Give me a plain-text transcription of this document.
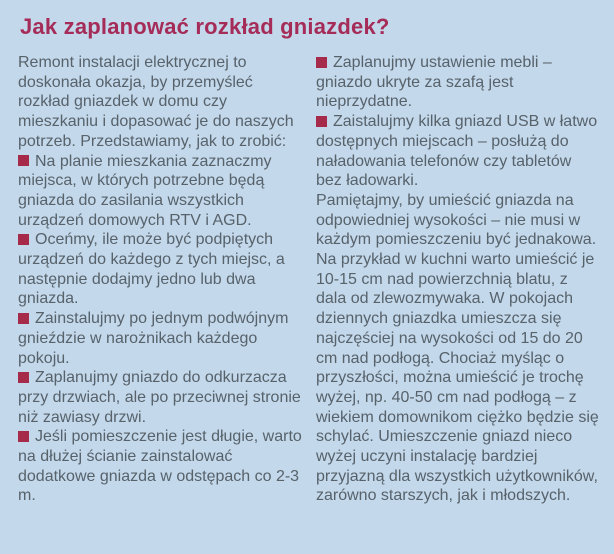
Jak zaplanować rozkład gniazdek?

Remont instalacji elektrycznej to doskonała okazja, by przemyśleć rozkład gniazdek w domu czy mieszkaniu i dopasować je do naszych potrzeb. Przedstawiamy, jak to zrobić:

Na planie mieszkania zaznaczmy miejsca, w których potrzebne będą gniazda do zasilania wszystkich urządzeń domowych RTV i AGD.

Oceńmy, ile może być podpiętych urządzeń do każdego z tych miejsc, a następnie dodajmy jedno lub dwa gniazda.

Zainstalujmy po jednym podwójnym gnieździe w narożnikach każdego pokoju.

Zaplanujmy gniazdo do odkurzacza przy drzwiach, ale po przeciwnej stronie niż zawiasy drzwi.

Jeśli pomieszczenie jest długie, warto na dłużej ścianie zainstalować dodatkowe gniazda w odstępach co 2-3 m.

Zaplanujmy ustawienie mebli – gniazdo ukryte za szafą jest nieprzydatne.

Zaistalujmy kilka gniazd USB w łatwo dostępnych miejscach – posłużą do naładowania telefonów czy tabletów bez ładowarki.

Pamiętajmy, by umieścić gniazda na odpowiedniej wysokości – nie musi w każdym pomieszczeniu być jednakowa. Na przykład w kuchni warto umieścić je 10-15 cm nad powierzchnią blatu, z dala od zlewozmywaka. W pokojach dziennych gniazdka umieszcza się najczęściej na wysokości od 15 do 20 cm nad podłogą. Chociaż myśląc o przyszłości, można umieścić je trochę wyżej, np. 40-50 cm nad podłogą – z wiekiem domownikom ciężko będzie się schylać. Umieszczenie gniazd nieco wyżej uczyni instalację bardziej przyjazną dla wszystkich użytkowników, zarówno starszych, jak i młodszych.
